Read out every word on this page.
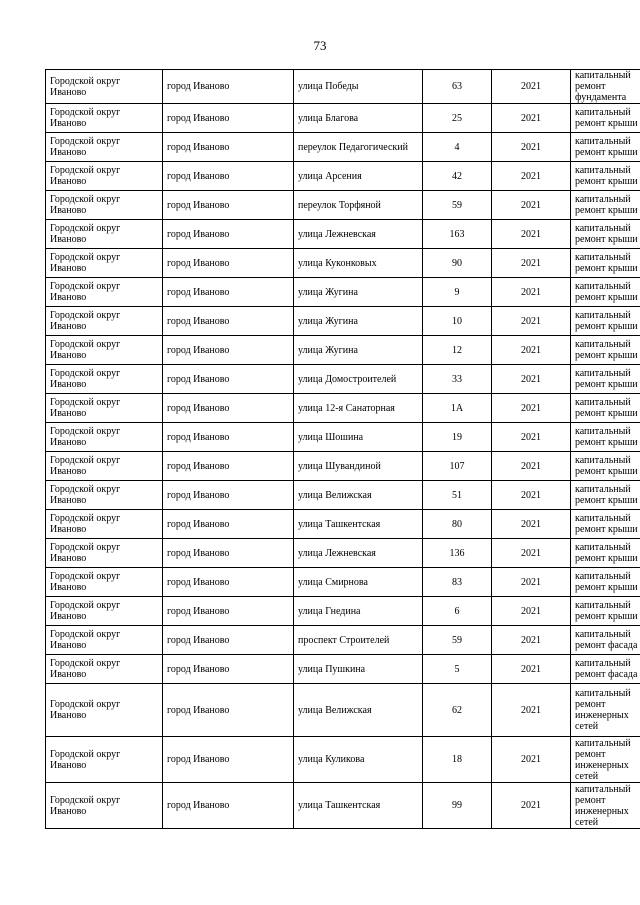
73
Городской округ Иваново	город Иваново	улица Победы	63	2021	капитальный ремонт фундамента
Городской округ Иваново	город Иваново	улица Благова	25	2021	капитальный ремонт крыши
Городской округ Иваново	город Иваново	переулок Педагогический	4	2021	капитальный ремонт крыши
Городской округ Иваново	город Иваново	улица Арсения	42	2021	капитальный ремонт крыши
Городской округ Иваново	город Иваново	переулок Торфяной	59	2021	капитальный ремонт крыши
Городской округ Иваново	город Иваново	улица Лежневская	163	2021	капитальный ремонт крыши
Городской округ Иваново	город Иваново	улица Куконковых	90	2021	капитальный ремонт крыши
Городской округ Иваново	город Иваново	улица Жугина	9	2021	капитальный ремонт крыши
Городской округ Иваново	город Иваново	улица Жугина	10	2021	капитальный ремонт крыши
Городской округ Иваново	город Иваново	улица Жугина	12	2021	капитальный ремонт крыши
Городской округ Иваново	город Иваново	улица Домостроителей	33	2021	капитальный ремонт крыши
Городской округ Иваново	город Иваново	улица 12-я Санаторная	1А	2021	капитальный ремонт крыши
Городской округ Иваново	город Иваново	улица Шошина	19	2021	капитальный ремонт крыши
Городской округ Иваново	город Иваново	улица Шувандиной	107	2021	капитальный ремонт крыши
Городской округ Иваново	город Иваново	улица Велижская	51	2021	капитальный ремонт крыши
Городской округ Иваново	город Иваново	улица Ташкентская	80	2021	капитальный ремонт крыши
Городской округ Иваново	город Иваново	улица Лежневская	136	2021	капитальный ремонт крыши
Городской округ Иваново	город Иваново	улица Смирнова	83	2021	капитальный ремонт крыши
Городской округ Иваново	город Иваново	улица Гнедина	6	2021	капитальный ремонт крыши
Городской округ Иваново	город Иваново	проспект Строителей	59	2021	капитальный ремонт фасада
Городской округ Иваново	город Иваново	улица Пушкина	5	2021	капитальный ремонт фасада
Городской округ Иваново	город Иваново	улица Велижская	62	2021	капитальный ремонт инженерных сетей
Городской округ Иваново	город Иваново	улица Куликова	18	2021	капитальный ремонт инженерных сетей
Городской округ Иваново	город Иваново	улица Ташкентская	99	2021	капитальный ремонт инженерных сетей
